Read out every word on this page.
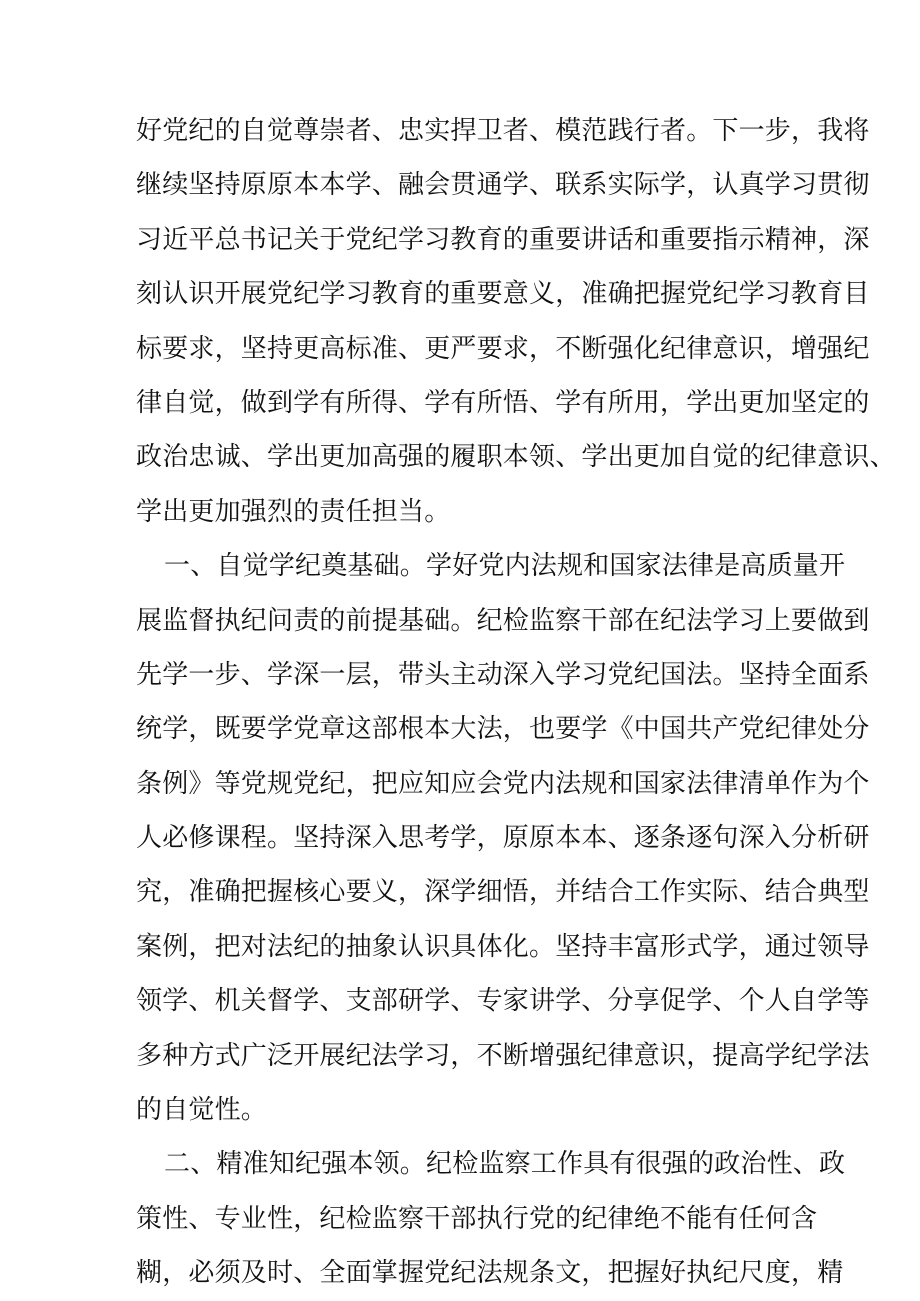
好党纪的自觉尊崇者、忠实捍卫者、模范践行者。下一步，我将
继续坚持原原本本学、融会贯通学、联系实际学，认真学习贯彻
习近平总书记关于党纪学习教育的重要讲话和重要指示精神，深
刻认识开展党纪学习教育的重要意义，准确把握党纪学习教育目
标要求，坚持更高标准、更严要求，不断强化纪律意识，增强纪
律自觉，做到学有所得、学有所悟、学有所用，学出更加坚定的
政治忠诚、学出更加高强的履职本领、学出更加自觉的纪律意识、
学出更加强烈的责任担当。
一、自觉学纪奠基础。学好党内法规和国家法律是高质量开
展监督执纪问责的前提基础。纪检监察干部在纪法学习上要做到
先学一步、学深一层，带头主动深入学习党纪国法。坚持全面系
统学，既要学党章这部根本大法，也要学《中国共产党纪律处分
条例》等党规党纪，把应知应会党内法规和国家法律清单作为个
人必修课程。坚持深入思考学，原原本本、逐条逐句深入分析研
究，准确把握核心要义，深学细悟，并结合工作实际、结合典型
案例，把对法纪的抽象认识具体化。坚持丰富形式学，通过领导
领学、机关督学、支部研学、专家讲学、分享促学、个人自学等
多种方式广泛开展纪法学习，不断增强纪律意识，提高学纪学法
的自觉性。
二、精准知纪强本领。纪检监察工作具有很强的政治性、政
策性、专业性，纪检监察干部执行党的纪律绝不能有任何含
糊，必须及时、全面掌握党纪法规条文，把握好执纪尺度，精
